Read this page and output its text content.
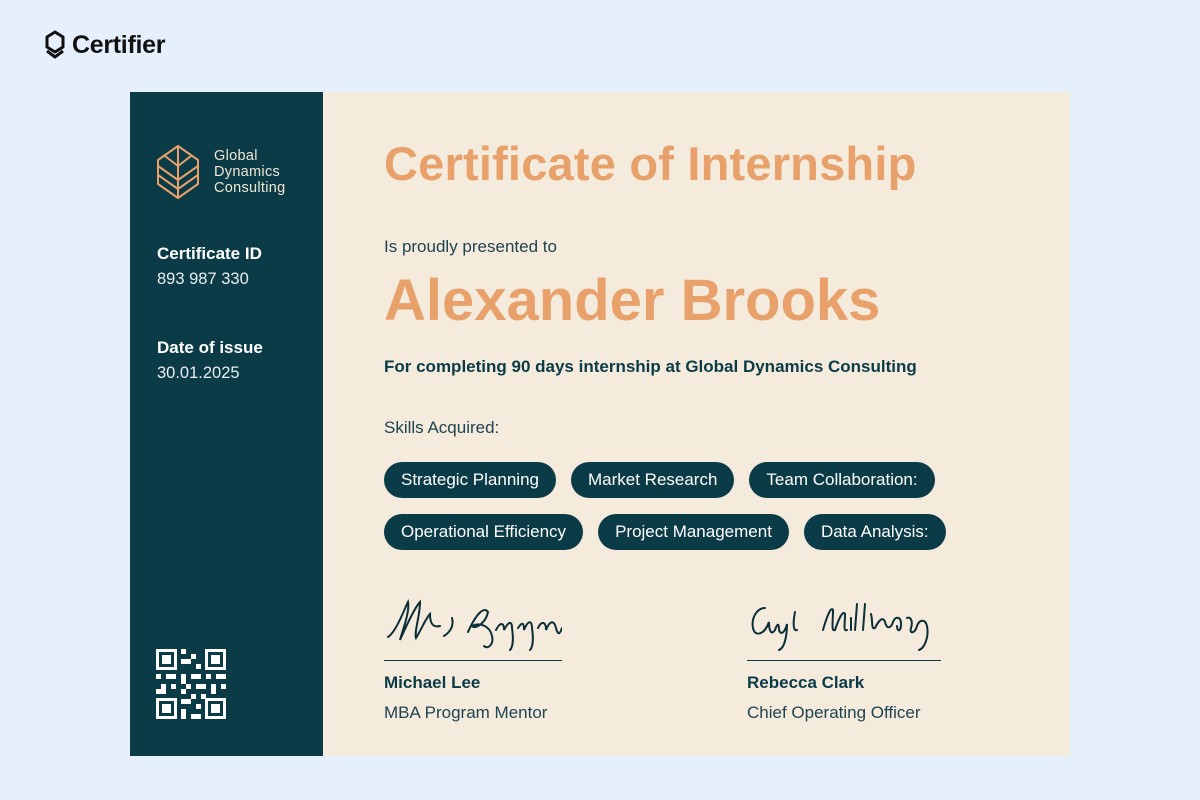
Certifier
Global
Dynamics
Consulting
Certificate ID
893 987 330
Date of issue
30.01.2025
Certificate of Internship
Is proudly presented to
Alexander Brooks
For completing 90 days internship at Global Dynamics Consulting
Skills Acquired:
Strategic Planning	Market Research	Team Collaboration:
Operational Efficiency	Project Management	Data Analysis:
Michael Lee
MBA Program Mentor
Rebecca Clark
Chief Operating Officer
